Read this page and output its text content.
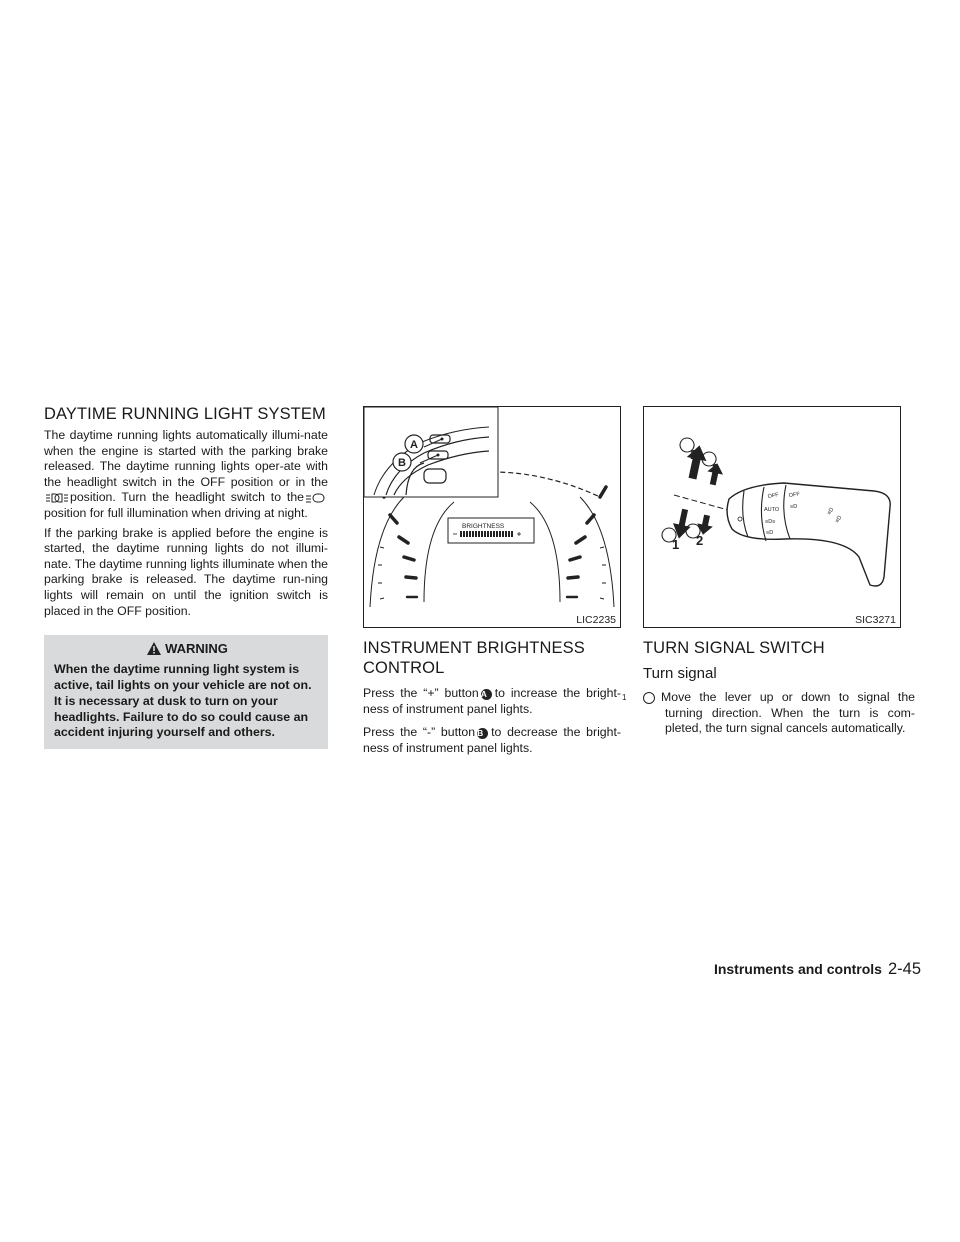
DAYTIME RUNNING LIGHT SYSTEM

The daytime running lights automatically illumi-nate when the engine is started with the parking brake released. The daytime running lights oper-ate with the headlight switch in the OFF position or in theposition. Turn the headlight switch to theposition for full illumination when driving at night.

If the parking brake is applied before the engine is started, the daytime running lights do not illumi-nate. The daytime running lights illuminate when the parking brake is released. The daytime run-ning lights will remain on until the ignition switch is placed in the OFF position.

WARNING
When the daytime running light system is active, tail lights on your vehicle are not on. It is necessary at dusk to turn on your headlights. Failure to do so could cause an accident injuring yourself and others.
BRIGHTNESS
A
B
LIC2235
INSTRUMENT BRIGHTNESS
CONTROL

Press the “+” button A to increase the bright-ness of instrument panel lights.

Press the “-” button B to decrease the bright-ness of instrument panel lights.

OFF
AUTO
≡D≡
≡D
OFF
≡D	≡D
≡D
1
2
1 2
SIC3271
TURN SIGNAL SWITCH
Turn signal

1	Move the lever up or down to signal the turning direction. When the turn is com-pleted, the turn signal cancels automatically.

Instruments and controls 2-45
